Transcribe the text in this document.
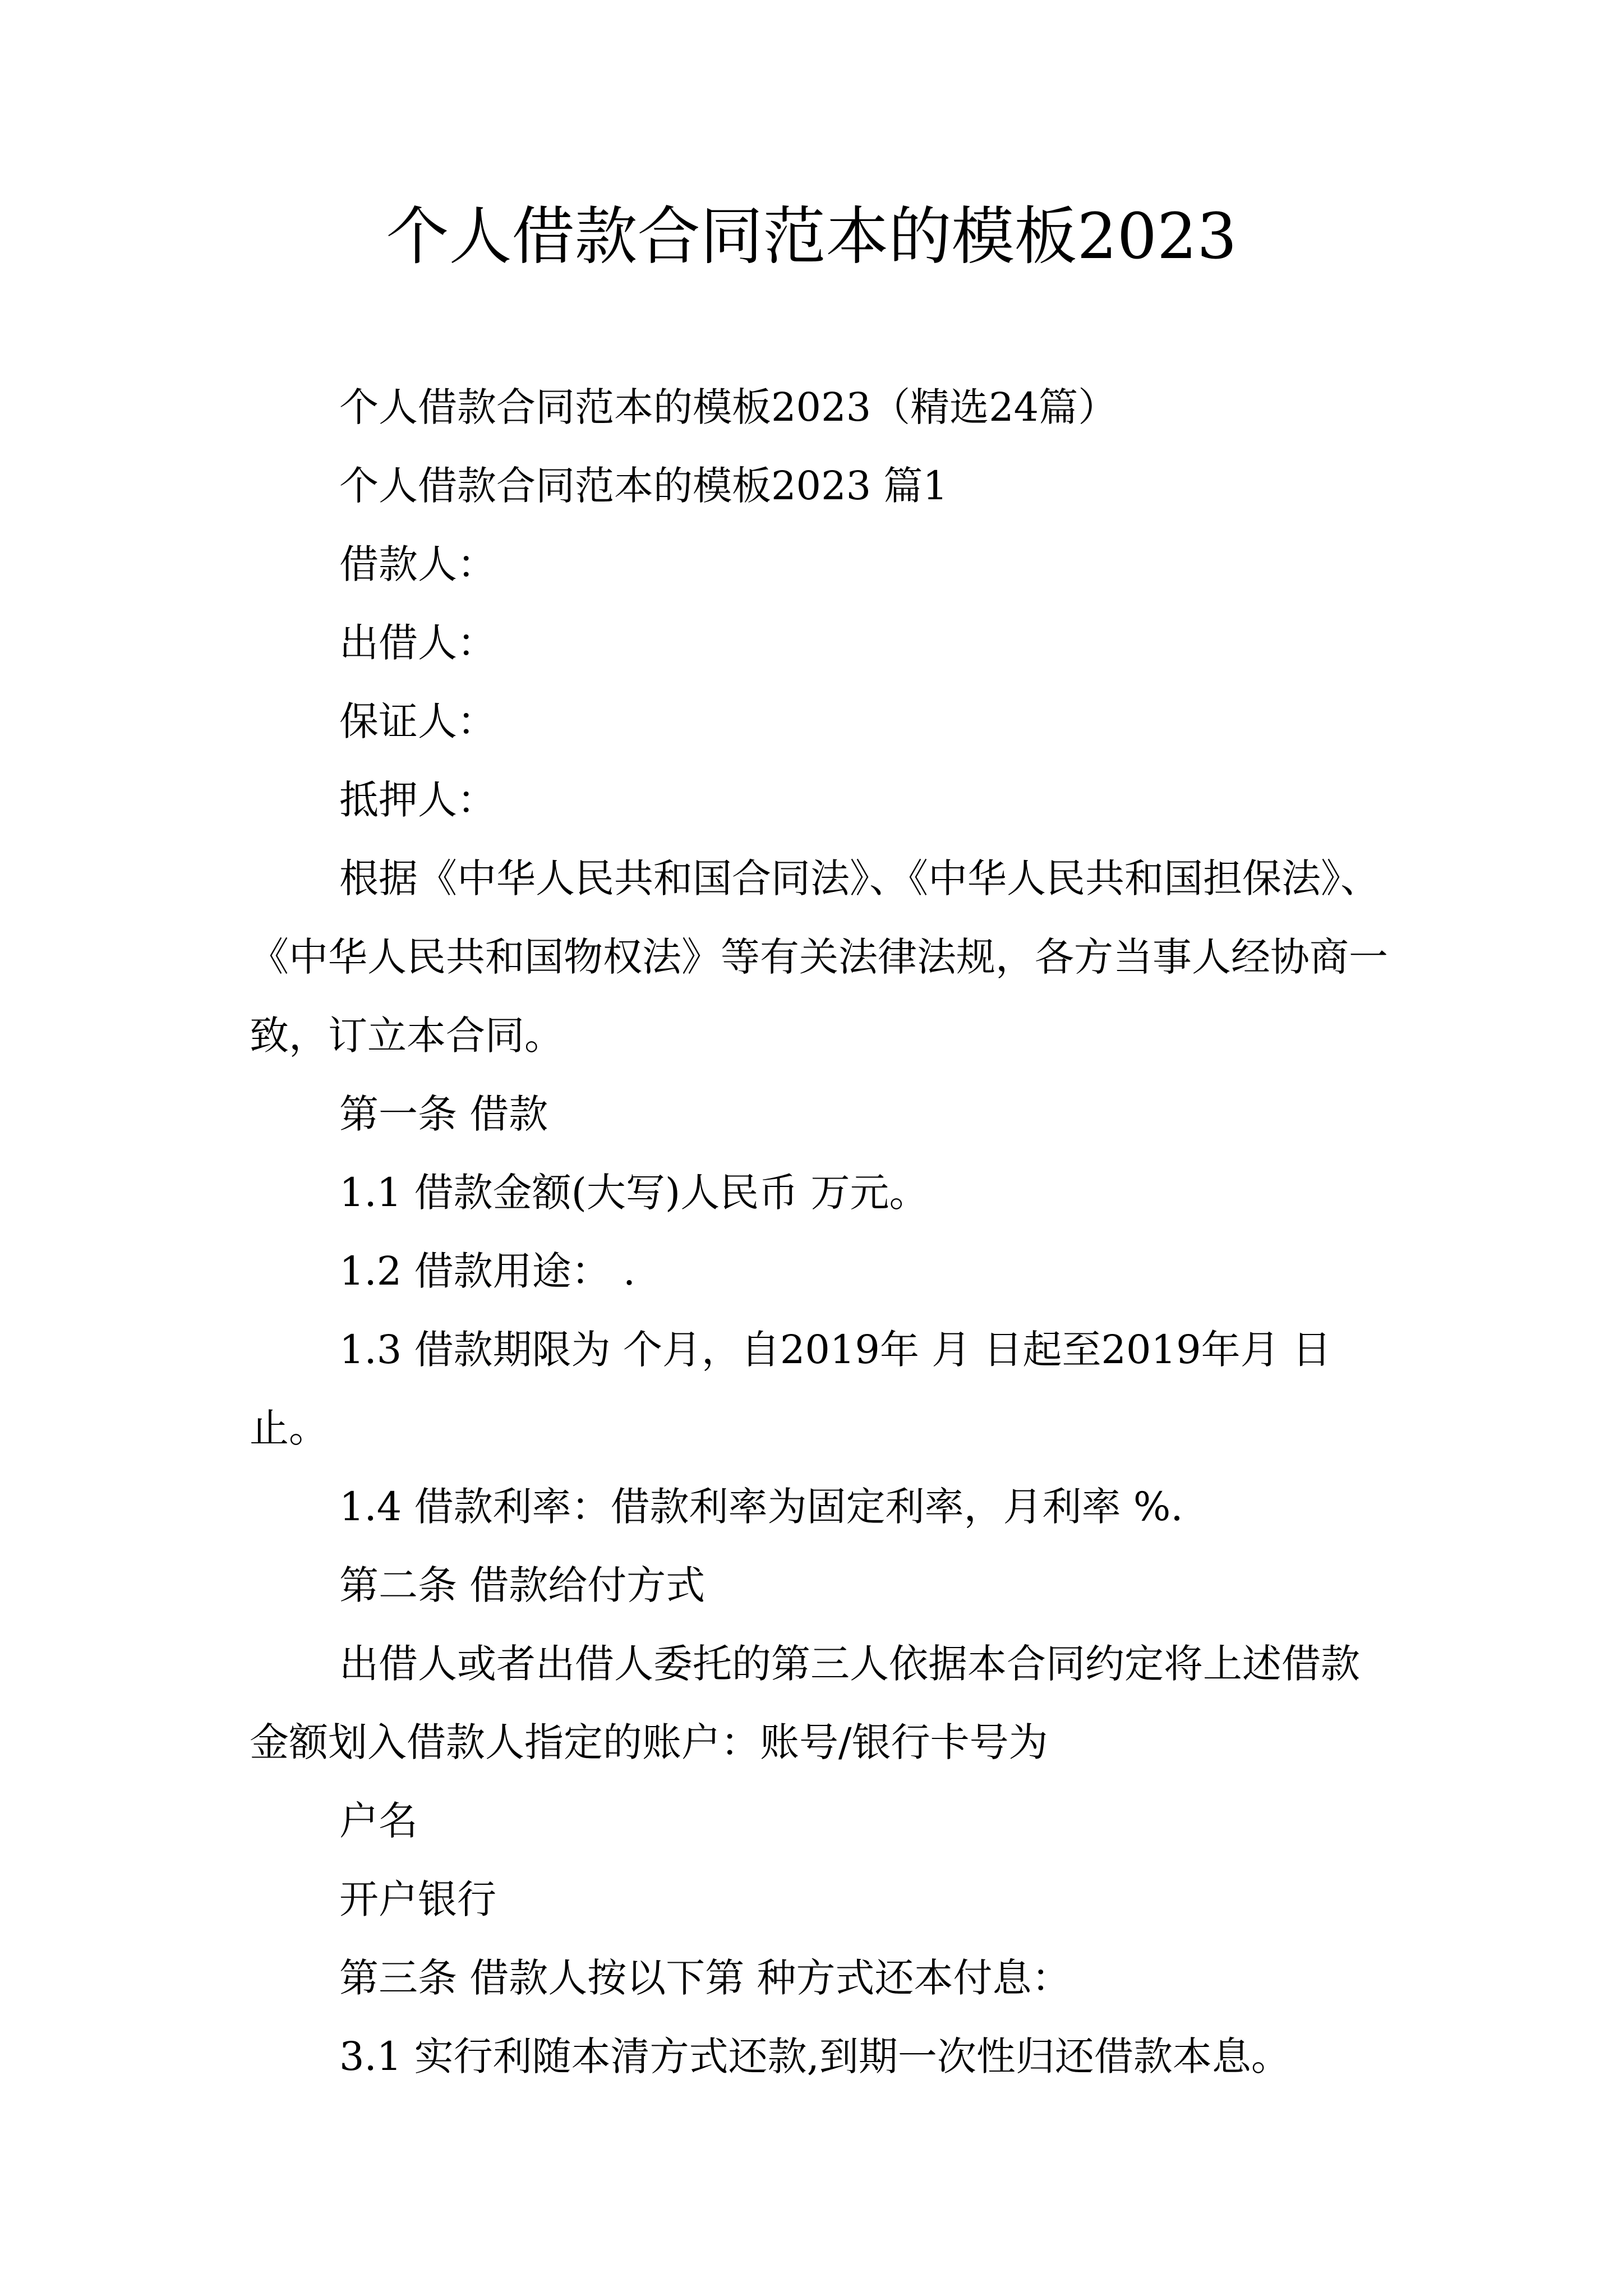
个人借款合同范本的模板2023

个人借款合同范本的模板2023（精选24篇）

个人借款合同范本的模板2023 篇1

借款人：

出借人：

保证人：

抵押人：

根据《中华人民共和国合同法》、《中华人民共和国担保法》、《中华人民共和国物权法》等有关法律法规，各方当事人经协商一致，订立本合同。

第一条 借款

1.1 借款金额(大写)人民币 万元。

1.2 借款用途： .

1.3 借款期限为 个月，自2019年 月 日起至2019年月 日止。

1.4 借款利率：借款利率为固定利率，月利率 %.

第二条 借款给付方式

出借人或者出借人委托的第三人依据本合同约定将上述借款金额划入借款人指定的账户：账号/银行卡号为

户名

开户银行

第三条 借款人按以下第 种方式还本付息：

3.1 实行利随本清方式还款,到期一次性归还借款本息。
